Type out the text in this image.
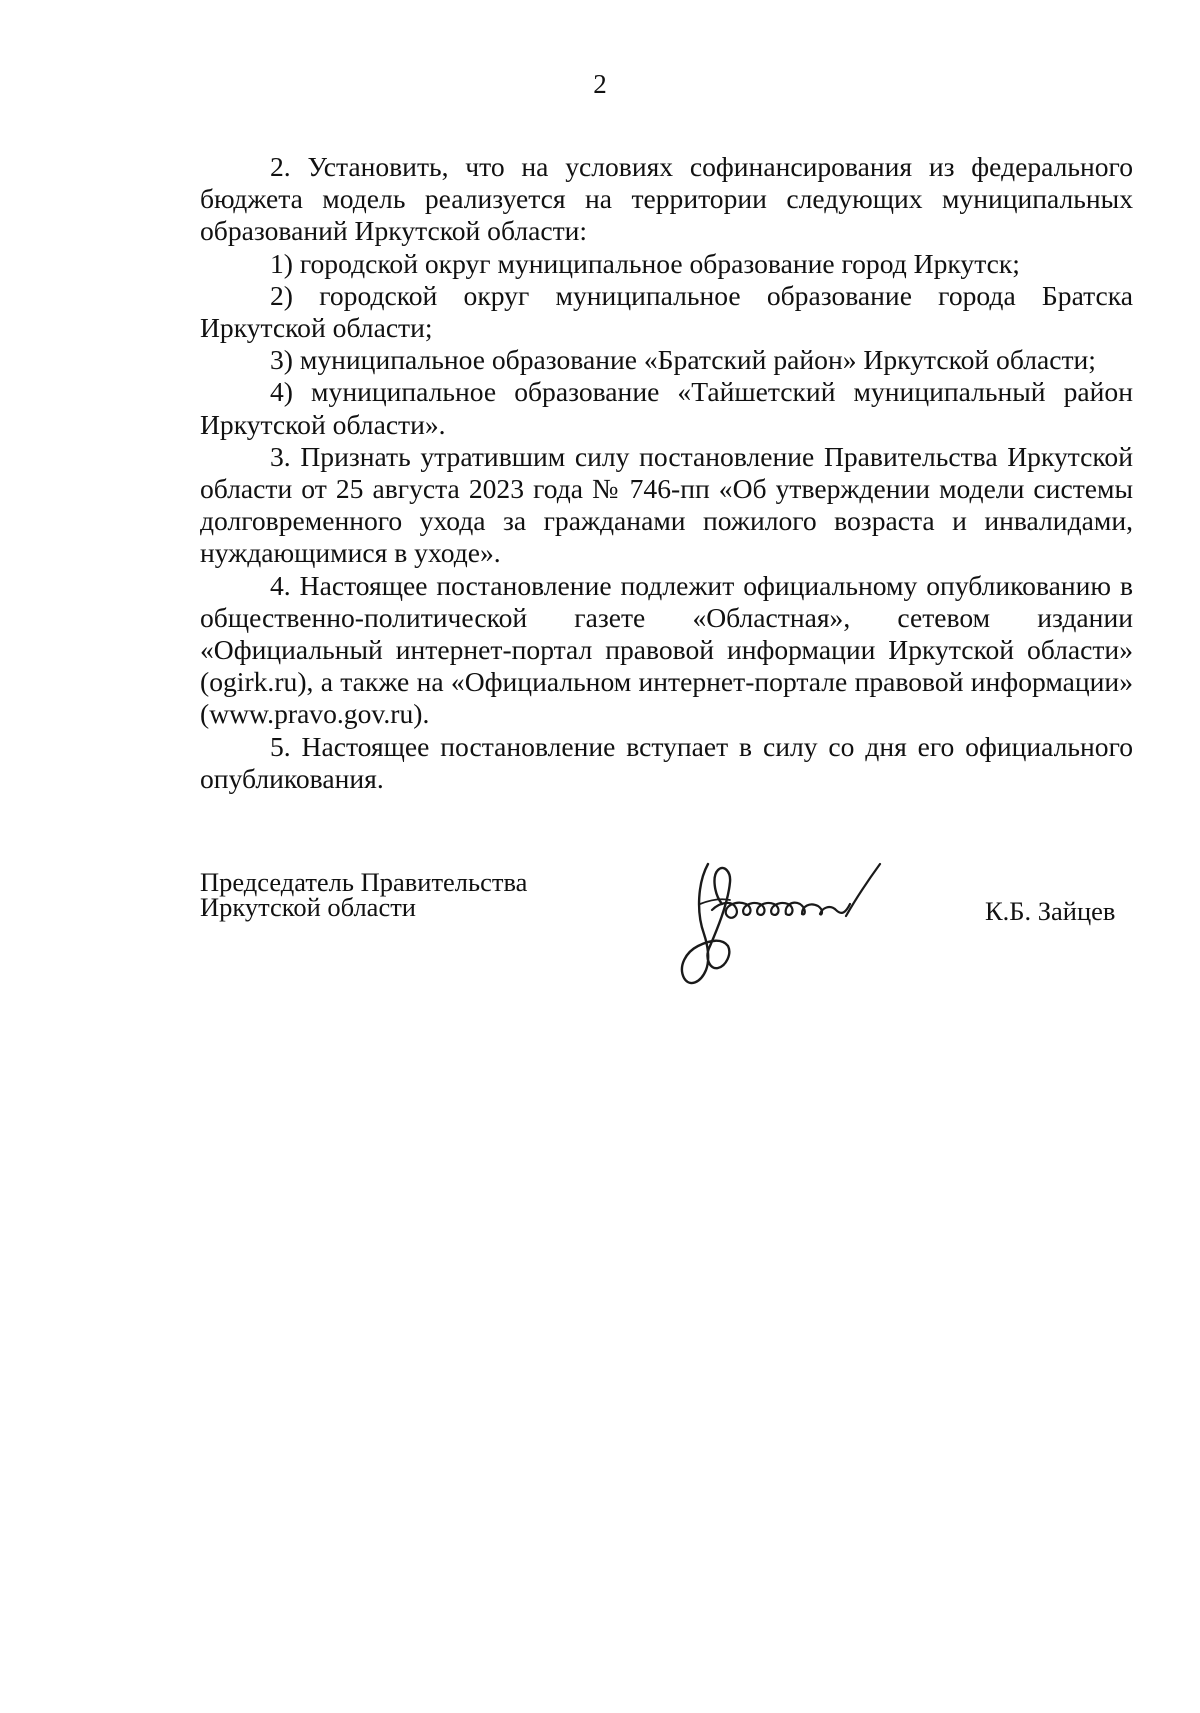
2

2. Установить, что на условиях софинансирования из федерального бюджета модель реализуется на территории следующих муниципальных образований Иркутской области:

1) городской округ муниципальное образование город Иркутск;

2) городской округ муниципальное образование города Братска Иркутской области;

3) муниципальное образование «Братский район» Иркутской области;

4) муниципальное образование «Тайшетский муниципальный район Иркутской области».

3. Признать утратившим силу постановление Правительства Иркутской области от 25 августа 2023 года № 746-пп «Об утверждении модели системы долговременного ухода за гражданами пожилого возраста и инвалидами, нуждающимися в уходе».

4. Настоящее постановление подлежит официальному опубликованию в общественно-политической газете «Областная», сетевом издании «Официальный интернет-портал правовой информации Иркутской области» (ogirk.ru), а также на «Официальном интернет-портале правовой информации» (www.pravo.gov.ru).

5. Настоящее постановление вступает в силу со дня его официального опубликования.

Председатель Правительства
Иркутской области	К.Б. Зайцев
